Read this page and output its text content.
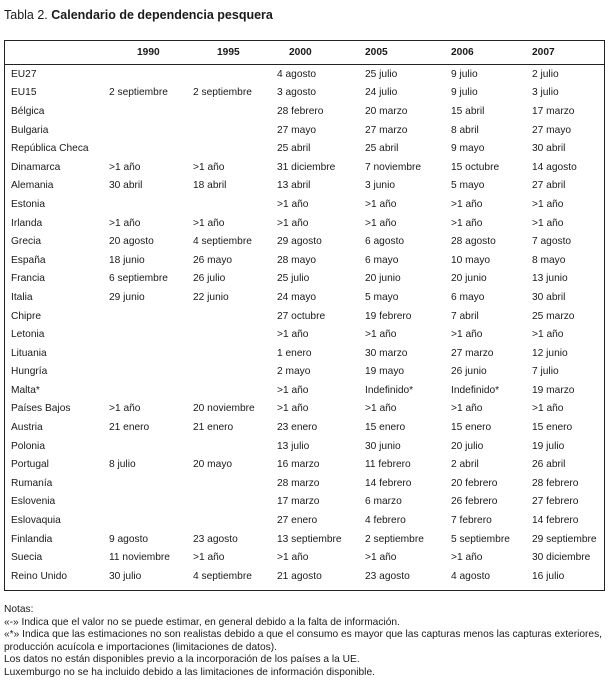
Tabla 2. Calendario de dependencia pesquera
	1990	1995	2000	2005	2006	2007
EU27			4 agosto	25 julio	9 julio	2 julio
EU15	2 septiembre	2 septiembre	3 agosto	24 julio	9 julio	3 julio
Bélgica			28 febrero	20 marzo	15 abril	17 marzo
Bulgaria			27 mayo	27 marzo	8 abril	27 mayo
República Checa			25 abril	25 abril	9 mayo	30 abril
Dinamarca	>1 año	>1 año	31 diciembre	7 noviembre	15 octubre	14 agosto
Alemania	30 abril	18 abril	13 abril	3 junio	5 mayo	27 abril
Estonia			>1 año	>1 año	>1 año	>1 año
Irlanda	>1 año	>1 año	>1 año	>1 año	>1 año	>1 año
Grecia	20 agosto	4 septiembre	29 agosto	6 agosto	28 agosto	7 agosto
España	18 junio	26 mayo	28 mayo	6 mayo	10 mayo	8 mayo
Francia	6 septiembre	26 julio	25 julio	20 junio	20 junio	13 junio
Italia	29 junio	22 junio	24 mayo	5 mayo	6 mayo	30 abril
Chipre			27 octubre	19 febrero	7 abril	25 marzo
Letonia			>1 año	>1 año	>1 año	>1 año
Lituania			1 enero	30 marzo	27 marzo	12 junio
Hungría			2 mayo	19 mayo	26 junio	7 julio
Malta*			>1 año	Indefinido*	Indefinido*	19 marzo
Países Bajos	>1 año	20 noviembre	>1 año	>1 año	>1 año	>1 año
Austria	21 enero	21 enero	23 enero	15 enero	15 enero	15 enero
Polonia			13 julio	30 junio	20 julio	19 julio
Portugal	8 julio	20 mayo	16 marzo	11 febrero	2 abril	26 abril
Rumanía			28 marzo	14 febrero	20 febrero	28 febrero
Eslovenia			17 marzo	6 marzo	26 febrero	27 febrero
Eslovaquia			27 enero	4 febrero	7 febrero	14 febrero
Finlandia	9 agosto	23 agosto	13 septiembre	2 septiembre	5 septiembre	29 septiembre
Suecia	11 noviembre	>1 año	>1 año	>1 año	>1 año	30 diciembre
Reino Unido	30 julio	4 septiembre	21 agosto	23 agosto	4 agosto	16 julio

Notas:

«-» Indica que el valor no se puede estimar, en general debido a la falta de información.

«*» Indica que las estimaciones no son realistas debido a que el consumo es mayor que las capturas menos las capturas exteriores, producción acuícola e importaciones (limitaciones de datos).

Los datos no están disponibles previo a la incorporación de los países a la UE.

Luxemburgo no se ha incluido debido a las limitaciones de información disponible.
